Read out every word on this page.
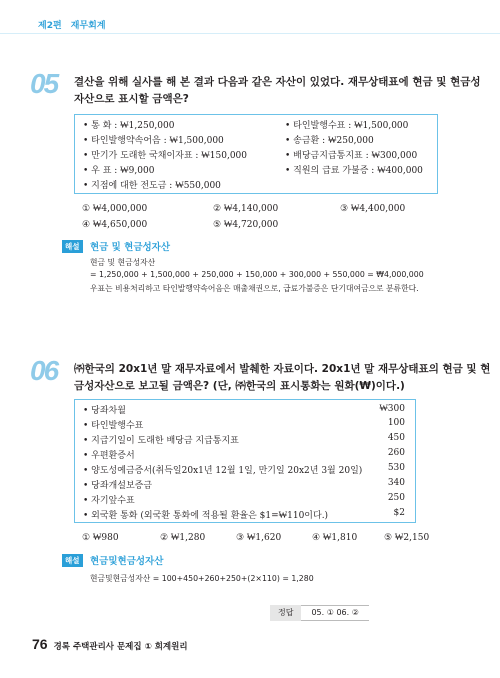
제2편 재무회계
05 결산을 위해 실사를 해 본 결과 다음과 같은 자산이 있었다. 재무상태표에 현금 및 현금성
자산으로 표시할 금액은?
• 통 화 : ₩1,250,000
• 타인발행약속어음 : ₩1,500,000
• 만기가 도래한 국채이자표 : ₩150,000
• 우 표 : ₩9,000
• 지점에 대한 전도금 : ₩550,000
• 타인발행수표 : ₩1,500,000
• 송금환 : ₩250,000
• 배당금지급통지표 : ₩300,000
• 직원의 급료 가불증 : ₩400,000
① ₩4,000,000	② ₩4,140,000	③ ₩4,400,000
④ ₩4,650,000	⑤ ₩4,720,000
해설	현금 및 현금성자산
현금 및 현금성자산
= 1,250,000 + 1,500,000 + 250,000 + 150,000 + 300,000 + 550,000 = ₩4,000,000
우표는 비용처리하고 타인발행약속어음은 매출채권으로, 급료가불증은 단기대여금으로 분류한다.
06 ㈜한국의 20x1년 말 재무자료에서 발췌한 자료이다. 20x1년 말 재무상태표의 현금 및 현
금성자산으로 보고될 금액은? (단, ㈜한국의 표시통화는 원화(₩)이다.)
• 당좌차월	₩300
• 타인발행수표	100
• 지급기일이 도래한 배당금 지급통지표	450
• 우편환증서	260
• 양도성예금증서(취득일20x1년 12월 1일, 만기일 20x2년 3월 20일)	530
• 당좌개설보증금	340
• 자기앞수표	250
• 외국환 통화 (외국환 통화에 적용될 환율은 $1=₩110이다.)	$2
① ₩980	② ₩1,280	③ ₩1,620	④ ₩1,810	⑤ ₩2,150
해설	현금및현금성자산
현금및현금성자산 = 100+450+260+250+(2×110) = 1,280
정답	05. ① 06. ②
76 경록 주택관리사 문제집 ① 회계원리
